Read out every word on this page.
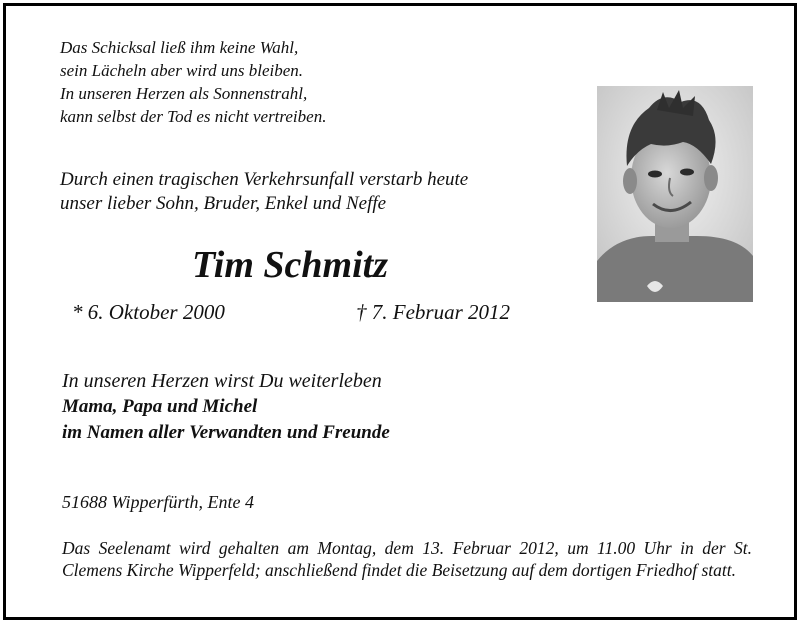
Das Schicksal ließ ihm keine Wahl,
sein Lächeln aber wird uns bleiben.
In unseren Herzen als Sonnenstrahl,
kann selbst der Tod es nicht vertreiben.
Durch einen tragischen Verkehrsunfall verstarb heute
unser lieber Sohn, Bruder, Enkel und Neffe
Tim Schmitz
* 6. Oktober 2000	† 7. Februar 2012
In unseren Herzen wirst Du weiterleben
Mama, Papa und Michel
im Namen aller Verwandten und Freunde
51688 Wipperfürth, Ente 4
Das Seelenamt wird gehalten am Montag, dem 13. Februar 2012, um 11.00 Uhr in der St. Clemens Kirche Wipperfeld; anschließend findet die Beisetzung auf dem dortigen Friedhof statt.
